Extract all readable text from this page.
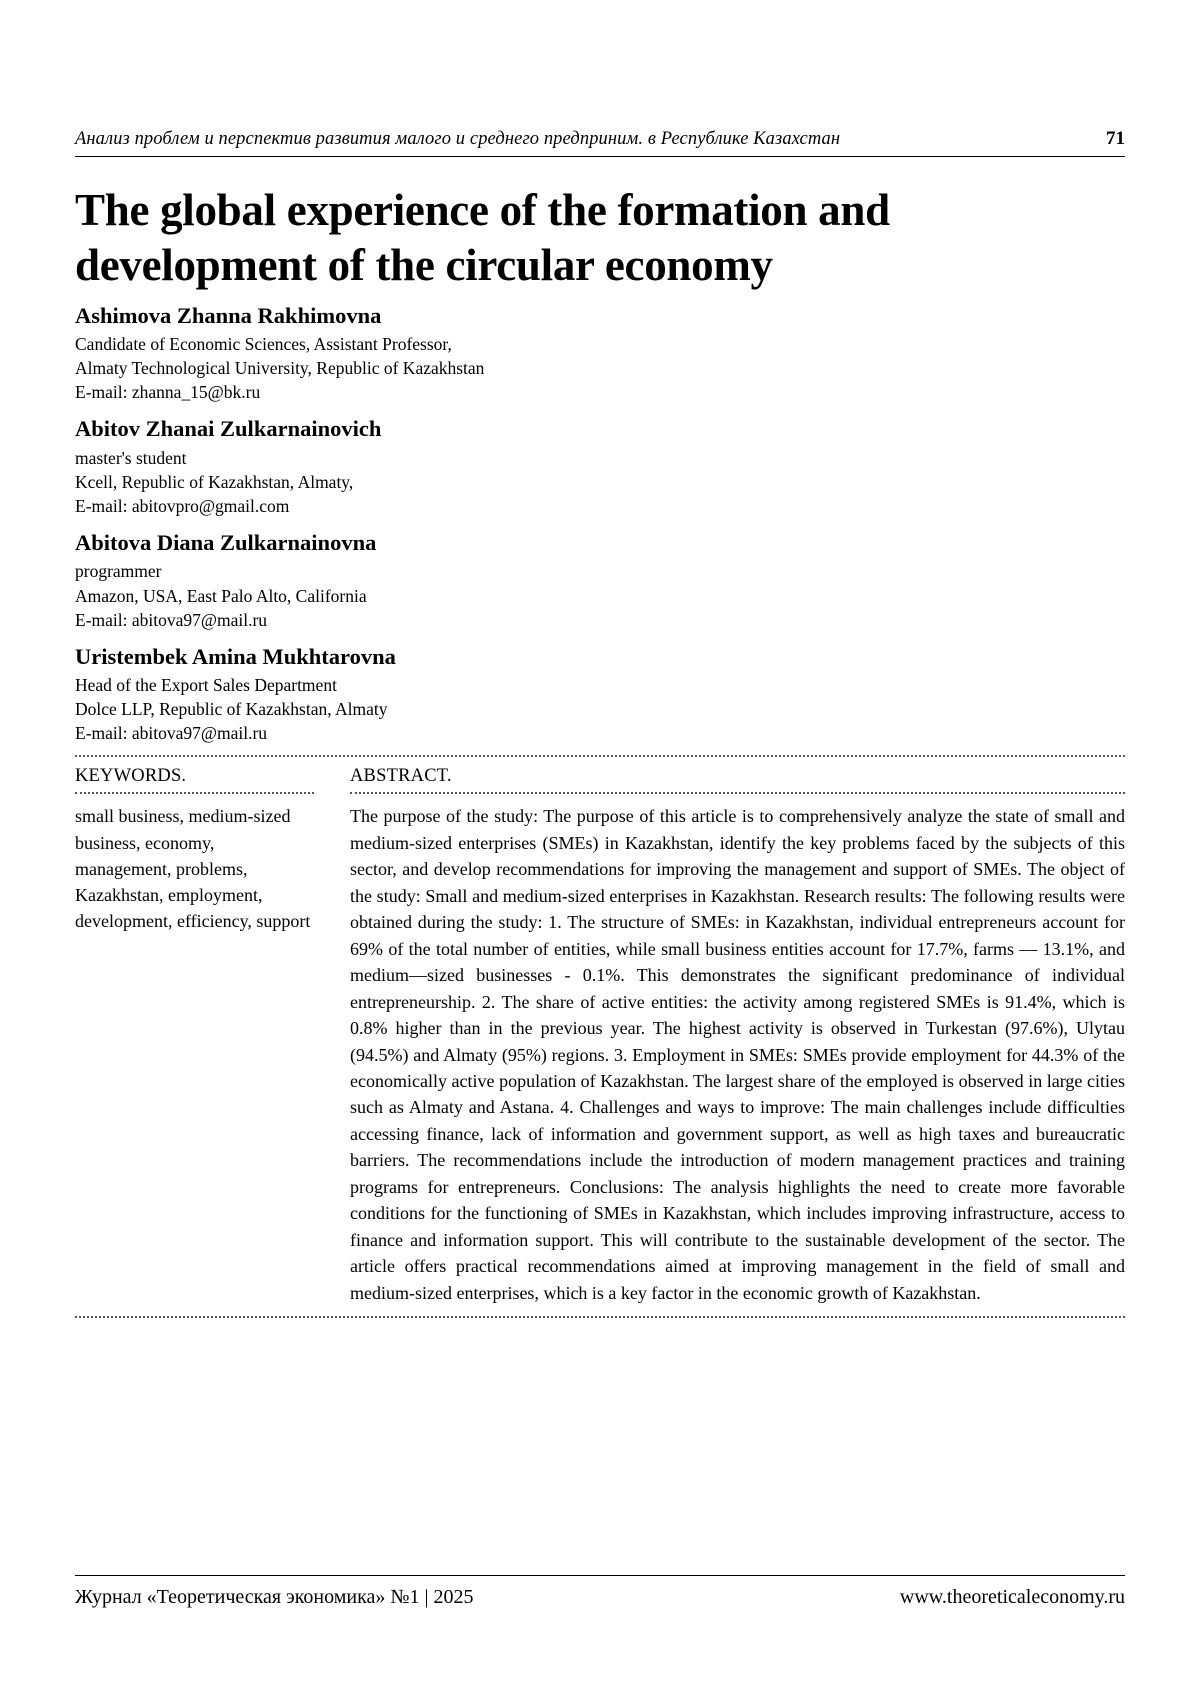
Анализ проблем и перспектив развития малого и среднего предприним. в Республике Казахстан	71
The global experience of the formation and development of the circular economy
Ashimova Zhanna Rakhimovna
Candidate of Economic Sciences, Assistant Professor,
Almaty Technological University, Republic of Kazakhstan
E-mail: zhanna_15@bk.ru
Abitov Zhanai Zulkarnainovich
master's student
Kcell, Republic of Kazakhstan, Almaty,
E-mail: abitovpro@gmail.com
Abitova Diana Zulkarnainovna
programmer
Amazon, USA, East Palo Alto, California
E-mail: abitova97@mail.ru
Uristembek Amina Mukhtarovna
Head of the Export Sales Department
Dolce LLP, Republic of Kazakhstan, Almaty
E-mail: abitova97@mail.ru
KEYWORDS.
small business, medium-sized business, economy, management, problems, Kazakhstan, employment, development, efficiency, support
ABSTRACT.
The purpose of the study: The purpose of this article is to comprehensively analyze the state of small and medium-sized enterprises (SMEs) in Kazakhstan, identify the key problems faced by the subjects of this sector, and develop recommendations for improving the management and support of SMEs. The object of the study: Small and medium-sized enterprises in Kazakhstan. Research results: The following results were obtained during the study: 1. The structure of SMEs: in Kazakhstan, individual entrepreneurs account for 69% of the total number of entities, while small business entities account for 17.7%, farms — 13.1%, and medium—sized businesses - 0.1%. This demonstrates the significant predominance of individual entrepreneurship. 2. The share of active entities: the activity among registered SMEs is 91.4%, which is 0.8% higher than in the previous year. The highest activity is observed in Turkestan (97.6%), Ulytau (94.5%) and Almaty (95%) regions. 3. Employment in SMEs: SMEs provide employment for 44.3% of the economically active population of Kazakhstan. The largest share of the employed is observed in large cities such as Almaty and Astana. 4. Challenges and ways to improve: The main challenges include difficulties accessing finance, lack of information and government support, as well as high taxes and bureaucratic barriers. The recommendations include the introduction of modern management practices and training programs for entrepreneurs. Conclusions: The analysis highlights the need to create more favorable conditions for the functioning of SMEs in Kazakhstan, which includes improving infrastructure, access to finance and information support. This will contribute to the sustainable development of the sector. The article offers practical recommendations aimed at improving management in the field of small and medium-sized enterprises, which is a key factor in the economic growth of Kazakhstan.
Журнал «Теоретическая экономика» №1 | 2025	www.theoreticaleconomy.ru
